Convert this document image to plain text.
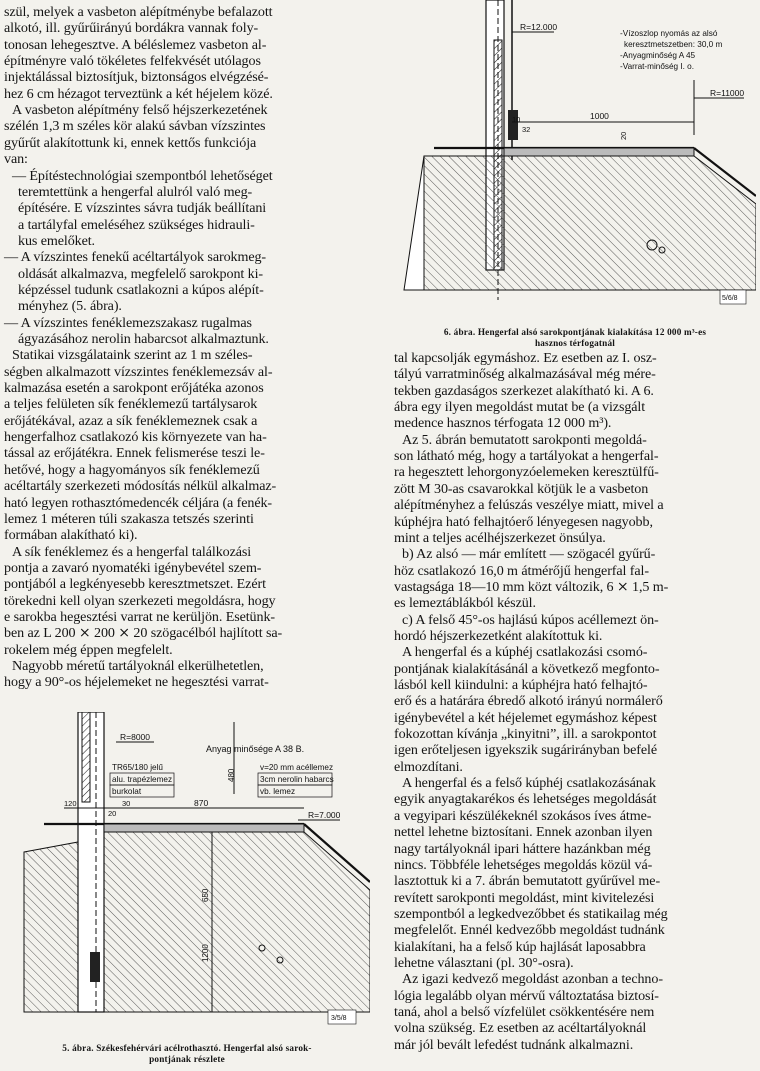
szül, melyek a vasbeton alépítménybe befalazott
alkotó, ill. gyűrűirányú bordákra vannak foly-
tonosan lehegesztve. A béléslemez vasbeton al-
építményre való tökéletes felfekvését utólagos
injektálással biztosítjuk, biztonságos elvégzésé-
hez 6 cm hézagot terveztünk a két héjelem közé.
A vasbeton alépítmény felső héjszerkezetének
szélén 1,3 m széles kör alakú sávban vízszintes
gyűrűt alakítottunk ki, ennek kettős funkciója
van:
— Építéstechnológiai szempontból lehetőséget
teremtettünk a hengerfal alulról való meg-
építésére. E vízszintes sávra tudják beállítani
a tartályfal emeléséhez szükséges hidrauli-
kus emelőket.
— A vízszintes fenekű acéltartályok sarokmeg-
oldását alkalmazva, megfelelő sarokpont ki-
képzéssel tudunk csatlakozni a kúpos alépít-
ményhez (5. ábra).
— A vízszintes fenéklemezszakasz rugalmas
ágyazásához nerolin habarcsot alkalmaztunk.
Statikai vizsgálataink szerint az 1 m széles-
ségben alkalmazott vízszintes fenéklemezsáv al-
kalmazása esetén a sarokpont erőjátéka azonos
a teljes felületen sík fenéklemezű tartálysarok
erőjátékával, azaz a sík fenéklemeznek csak a
hengerfalhoz csatlakozó kis környezete van ha-
tással az erőjátékra. Ennek felismerése teszi le-
hetővé, hogy a hagyományos sík fenéklemezű
acéltartály szerkezeti módosítás nélkül alkalmaz-
ható legyen rothasztómedencék céljára (a fenék-
lemez 1 méteren túli szakasza tetszés szerinti
formában alakítható ki).
A sík fenéklemez és a hengerfal találkozási
pontja a zavaró nyomatéki igénybevétel szem-
pontjából a legkényesebb keresztmetszet. Ezért
törekedni kell olyan szerkezeti megoldásra, hogy
e sarokba hegesztési varrat ne kerüljön. Esetünk-
ben az L 200 ⨯ 200 ⨯ 20 szögacélból hajlított sa-
rokelem még éppen megfelelt.
Nagyobb méretű tartályoknál elkerülhetetlen,
hogy a 90°-os héjelemeket ne hegesztési varrat-
tal kapcsolják egymáshoz. Ez esetben az I. osz-
tályú varratminőség alkalmazásával még mére-
tekben gazdaságos szerkezet alakítható ki. A 6.
ábra egy ilyen megoldást mutat be (a vizsgált
medence hasznos térfogata 12 000 m³).
Az 5. ábrán bemutatott sarokponti megoldá-
son látható még, hogy a tartályokat a hengerfal-
ra hegesztett lehorgonyzóelemeken keresztülfű-
zött M 30-as csavarokkal kötjük le a vasbeton
alépítményhez a felúszás veszélye miatt, mivel a
kúphéjra ható felhajtóerő lényegesen nagyobb,
mint a teljes acélhéjszerkezet önsúlya.
b) Az alsó — már említett — szögacél gyűrű-
höz csatlakozó 16,0 m átmérőjű hengerfal fal-
vastagsága 18—10 mm közt változik, 6 ⨯ 1,5 m-
es lemeztáblákból készül.
c) A felső 45°-os hajlású kúpos acéllemezt ön-
hordó héjszerkezetként alakítottuk ki.
A hengerfal és a kúphéj csatlakozási csomó-
pontjának kialakításánál a következő megfonto-
lásból kell kiindulni: a kúphéjra ható felhajtó-
erő és a határára ébredő alkotó irányú normálerő
igénybevétel a két héjelemet egymáshoz képest
fokozottan kívánja „kinyitni”, ill. a sarokpontot
igen erőteljesen igyekszik sugárirányban befelé
elmozdítani.
A hengerfal és a felső kúphéj csatlakozásának
egyik anyagtakarékos és lehetséges megoldását
a vegyipari készülékeknél szokásos íves átme-
nettel lehetne biztosítani. Ennek azonban ilyen
nagy tartályoknál ipari háttere hazánkban még
nincs. Többféle lehetséges megoldás közül vá-
lasztottuk ki a 7. ábrán bemutatott gyűrűvel me-
revített sarokponti megoldást, mint kivitelezési
szempontból a legkedvezőbbet és statikailag még
megfelelőt. Ennél kedvezőbb megoldást tudnánk
kialakítani, ha a felső kúp hajlását laposabbra
lehetne választani (pl. 30°-osra).
Az igazi kedvező megoldást azonban a techno-
lógia legalább olyan mérvű változtatása biztosí-
taná, ahol a belső vízfelület csökkentésére nem
volna szükség. Ez esetben az acéltartályoknál
már jól bevált lefedést tudnánk alkalmazni.
R=12.000
R=11000
-Vízoszlop nyomás az alsó
keresztmetszetben: 30,0 m
-Anyagminőség A 45
-Varrat-minőség I. o.
1000
10
32
20
5/6/8
6. ábra. Hengerfal alsó sarokpontjának kialakítása 12 000 m³-es
hasznos térfogatnál
Anyag minősége A 38 B.
R=8000
TR65/180 jelű
alu. trapézlemez
burkolat
480
v=20 mm acéllemez
3cm nerolin habarcs
vb. lemez
120	870
30
20	R=7.000
650
1200
3/5/8
5. ábra. Székesfehérvári acélrothasztó. Hengerfal alsó sarok-
pontjának részlete
